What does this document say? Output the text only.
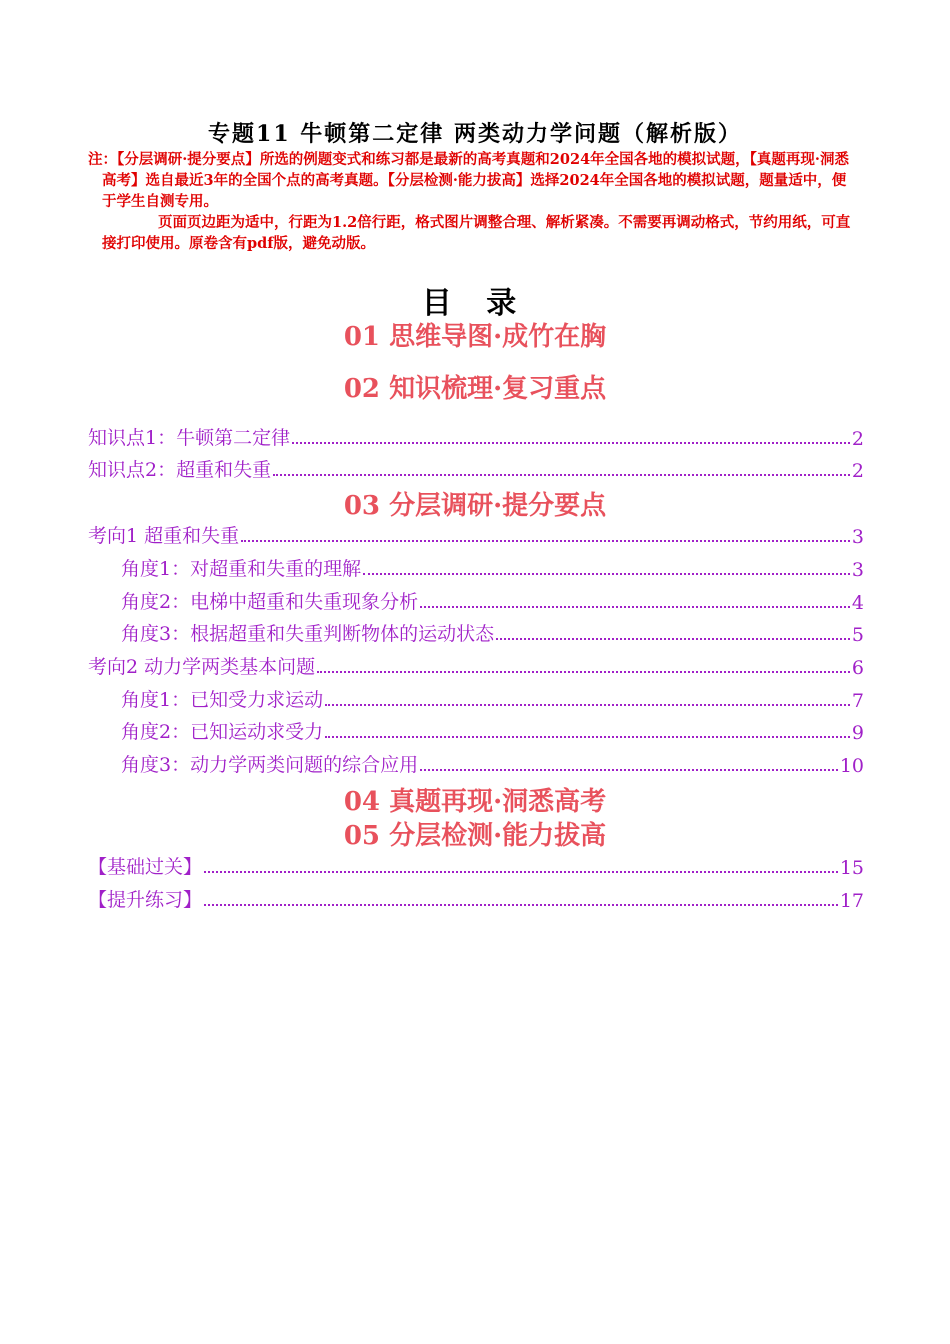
专题11 牛顿第二定律 两类动力学问题（解析版）

注：【分层调研·提分要点】所选的例题变式和练习都是最新的高考真题和2024年全国各地的模拟试题，【真题再现·洞悉高考】选自最近3年的全国个点的高考真题。【分层检测·能力拔高】选择2024年全国各地的模拟试题，题量适中，便于学生自测专用。

页面页边距为适中，行距为1.2倍行距，格式图片调整合理、解析紧凑。不需要再调动格式，节约用纸，可直接打印使用。原卷含有pdf版，避免动版。

目 录
01 思维导图·成竹在胸
02 知识梳理·复习重点
知识点1：牛顿第二定律	2
知识点2：超重和失重	2
03 分层调研·提分要点
考向1 超重和失重	3
角度1：对超重和失重的理解	3
角度2：电梯中超重和失重现象分析	4
角度3：根据超重和失重判断物体的运动状态	5
考向2 动力学两类基本问题	6
角度1：已知受力求运动	7
角度2：已知运动求受力	9
角度3：动力学两类问题的综合应用	10
04 真题再现·洞悉高考
05 分层检测·能力拔高
【基础过关】	15
【提升练习】	17
